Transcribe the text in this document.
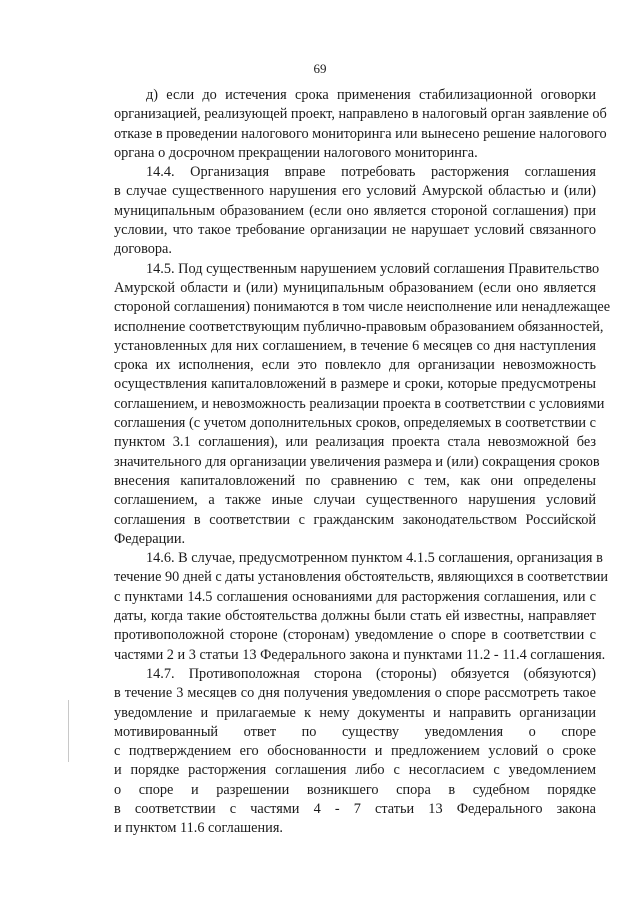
69
д) если до истечения срока применения стабилизационной оговорки
организацией, реализующей проект, направлено в налоговый орган заявление об
отказе в проведении налогового мониторинга или вынесено решение налогового
органа о досрочном прекращении налогового мониторинга.
14.4. Организация вправе потребовать расторжения соглашения
в случае существенного нарушения его условий Амурской областью и (или)
муниципальным образованием (если оно является стороной соглашения) при
условии, что такое требование организации не нарушает условий связанного
договора.
14.5. Под существенным нарушением условий соглашения Правительство
Амурской области и (или) муниципальным образованием (если оно является
стороной соглашения) понимаются в том числе неисполнение или ненадлежащее
исполнение соответствующим публично-правовым образованием обязанностей,
установленных для них соглашением, в течение 6 месяцев со дня наступления
срока их исполнения, если это повлекло для организации невозможность
осуществления капиталовложений в размере и сроки, которые предусмотрены
соглашением, и невозможность реализации проекта в соответствии с условиями
соглашения (с учетом дополнительных сроков, определяемых в соответствии с
пунктом 3.1 соглашения), или реализация проекта стала невозможной без
значительного для организации увеличения размера и (или) сокращения сроков
внесения капиталовложений по сравнению с тем, как они определены
соглашением, а также иные случаи существенного нарушения условий
соглашения в соответствии с гражданским законодательством Российской
Федерации.
14.6. В случае, предусмотренном пунктом 4.1.5 соглашения, организация в
течение 90 дней с даты установления обстоятельств, являющихся в соответствии
с пунктами 14.5 соглашения основаниями для расторжения соглашения, или с
даты, когда такие обстоятельства должны были стать ей известны, направляет
противоположной стороне (сторонам) уведомление о споре в соответствии с
частями 2 и 3 статьи 13 Федерального закона и пунктами 11.2 - 11.4 соглашения.
14.7. Противоположная сторона (стороны) обязуется (обязуются)
в течение 3 месяцев со дня получения уведомления о споре рассмотреть такое
уведомление и прилагаемые к нему документы и направить организации
мотивированный ответ по существу уведомления о споре
с подтверждением его обоснованности и предложением условий о сроке
и порядке расторжения соглашения либо с несогласием с уведомлением
о споре и разрешении возникшего спора в судебном порядке
в соответствии с частями 4 - 7 статьи 13 Федерального закона
и пунктом 11.6 соглашения.
